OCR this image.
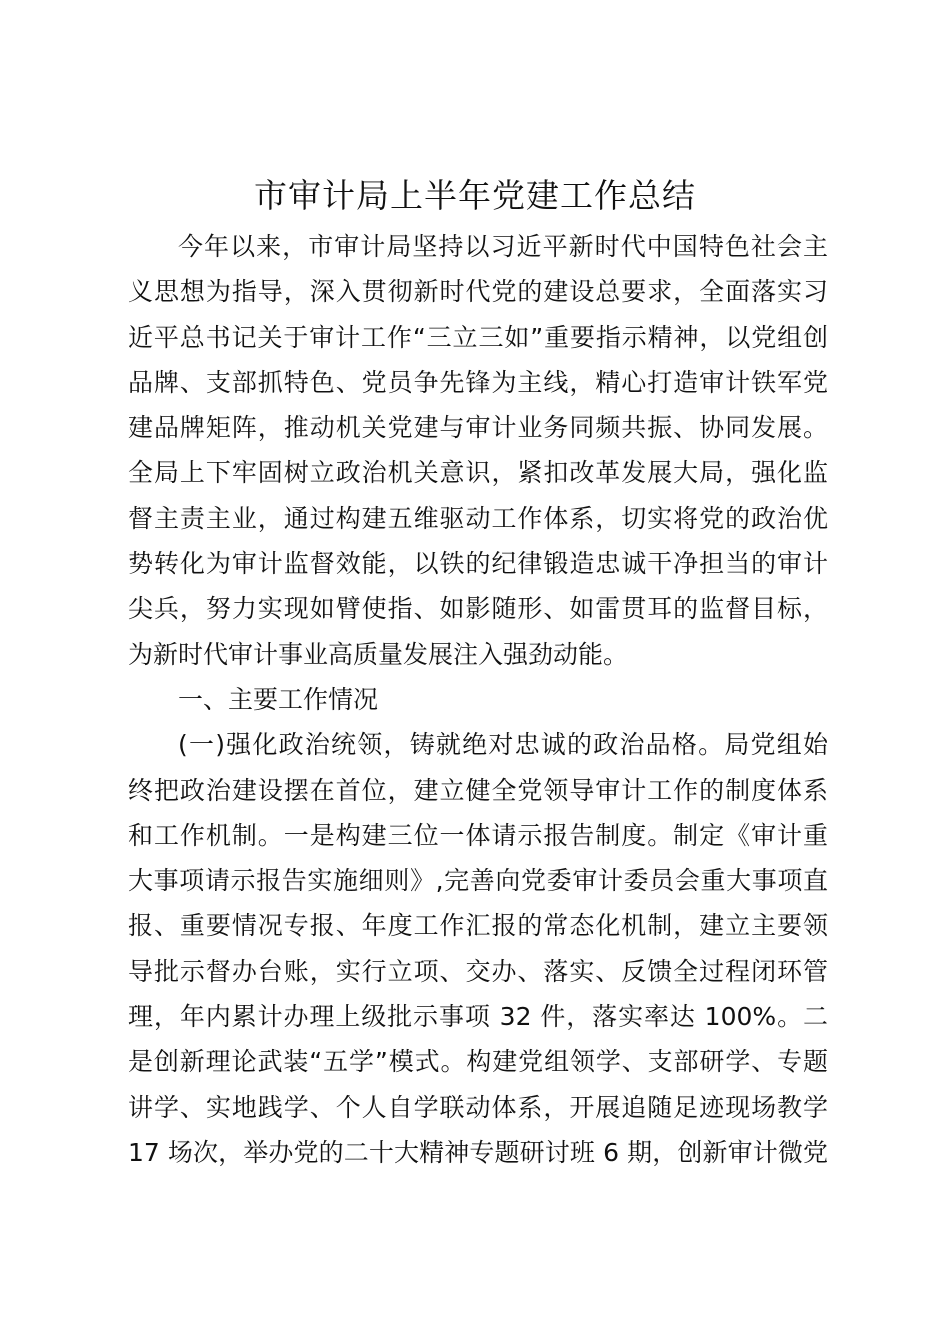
市审计局上半年党建工作总结
今年以来，市审计局坚持以习近平新时代中国特色社会主
义思想为指导，深入贯彻新时代党的建设总要求，全面落实习
近平总书记关于审计工作“三立三如”重要指示精神，以党组创
品牌、支部抓特色、党员争先锋为主线，精心打造审计铁军党
建品牌矩阵，推动机关党建与审计业务同频共振、协同发展。
全局上下牢固树立政治机关意识，紧扣改革发展大局，强化监
督主责主业，通过构建五维驱动工作体系，切实将党的政治优
势转化为审计监督效能，以铁的纪律锻造忠诚干净担当的审计
尖兵，努力实现如臂使指、如影随形、如雷贯耳的监督目标，
为新时代审计事业高质量发展注入强劲动能。
一、主要工作情况
(一)强化政治统领，铸就绝对忠诚的政治品格。局党组始
终把政治建设摆在首位，建立健全党领导审计工作的制度体系
和工作机制。一是构建三位一体请示报告制度。制定《审计重
大事项请示报告实施细则》,完善向党委审计委员会重大事项直
报、重要情况专报、年度工作汇报的常态化机制，建立主要领
导批示督办台账，实行立项、交办、落实、反馈全过程闭环管
理，年内累计办理上级批示事项 32 件，落实率达 100%。二
是创新理论武装“五学”模式。构建党组领学、支部研学、专题
讲学、实地践学、个人自学联动体系，开展追随足迹现场教学
17 场次，举办党的二十大精神专题研讨班 6 期，创新审计微党
